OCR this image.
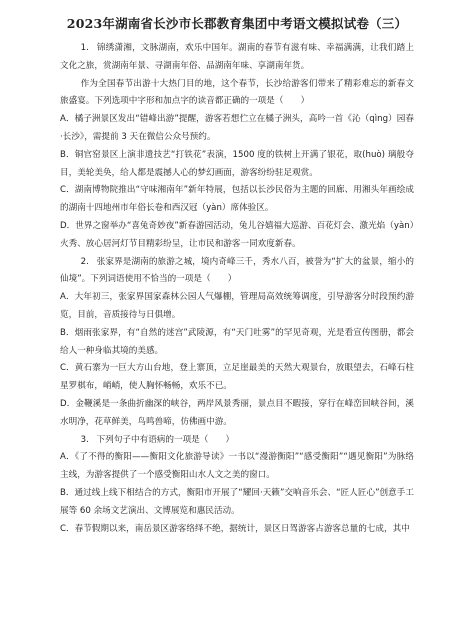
2023年湖南省长沙市长郡教育集团中考语文模拟试卷（三）

1. 锦绣潇湘，文脉湖南，欢乐中国年。湖南的春节有滋有味、幸福满满，让我们踏上文化之旅，赏湖南年景、寻湖南年俗、品湖南年味、享湖南年货。

作为全国春节出游十大热门目的地，这个春节，长沙给游客们带来了精彩难忘的新春文旅盛宴。下列选项中字形和加点字的读音都正确的一项是（　　）

A．橘子洲景区发出“错峰出游”提醒，游客若想伫立在橘子洲头，高吟一首《沁（qìng）园春·长沙》，需提前 3 天在微信公众号预约。

B．铜官窑景区上演非遗技艺“打铁花”表演，1500 度的铁树上开满了银花，取(huò) 璃般夺目，美轮美奂，给人都是震撼人心的梦幻画面，游客纷纷驻足观赏。

C．湖南博物院推出“守味湘南年”新年特展，包括以长沙民俗为主题的回廊、用湘头年画绘成的湖南十四地州市年俗长卷和西汉冠（yàn）席体验区。

D．世界之窗举办“喜兔奇妙夜”新春游园活动，兔儿谷嬉福大巡游、百花灯会、激光焰（yàn）火秀、放心居河灯节目精彩纷呈，让市民和游客一同欢度新春。

2. 张家界是湖南的旅游之城，境内奇峰三千，秀水八百，被誉为“扩大的盆景，缩小的仙境”。下列词语使用不恰当的一项是（　　）

A．大年初三，张家界国家森林公园人气爆棚，管理局高效统筹调度，引导游客分时段预约游览，目前，音质接待与日俱增。

B．烟雨张家界，有“自然的迷宫”武陵源，有“天门吐雾”的罕见奇观，光是看宣传图册，都会给人一种身临其境的美感。

C．黄石寨为一巨大方山台地，登上寨顶，立足崖最美的天然大观景台，放眼望去，石峰石柱星罗棋布，峭峭，使人胸怀畅畅，欢乐不已。

D．金鞭溪是一条曲折幽深的峡谷，两岸风景秀丽，景点目不暇接，穿行在峰峦回峡谷间，溪水明净，花草鲜美，鸟鸣兽啼，仿佛画中游。

3. 下列句子中有语病的一项是（　　）

A．《了不得的衡阳——衡阳文化旅游导读》一书以“漫游衡阳”“感受衡阳”“遇见衡阳”为脉络主线，为游客提供了一个感受衡阳山水人文之美的窗口。

B．通过线上线下相结合的方式，衡阳市开展了“耀回·天籁”交响音乐会、“匠人匠心”创意手工展等 60 余场文艺演出、文博展览和惠民活动。

C．春节假期以来，南岳景区游客络绎不绝，据统计，景区日驾游客占游客总量的七成，其中
